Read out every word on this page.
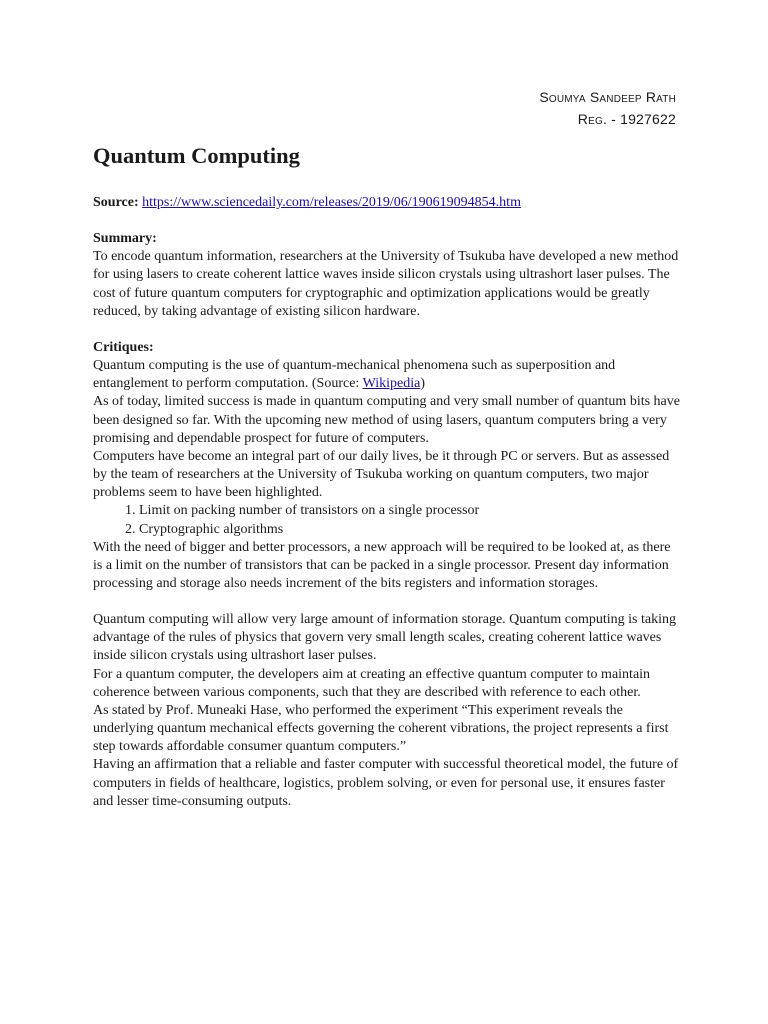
Soumya Sandeep Rath
Reg. - 1927622
Quantum Computing

Source: https://www.sciencedaily.com/releases/2019/06/190619094854.htm

Summary:

To encode quantum information, researchers at the University of Tsukuba have developed a new method for using lasers to create coherent lattice waves inside silicon crystals using ultrashort laser pulses. The cost of future quantum computers for cryptographic and optimization applications would be greatly reduced, by taking advantage of existing silicon hardware.

Critiques:

Quantum computing is the use of quantum-mechanical phenomena such as superposition and entanglement to perform computation. (Source: Wikipedia)

As of today, limited success is made in quantum computing and very small number of quantum bits have been designed so far. With the upcoming new method of using lasers, quantum computers bring a very promising and dependable prospect for future of computers.

Computers have become an integral part of our daily lives, be it through PC or servers. But as assessed by the team of researchers at the University of Tsukuba working on quantum computers, two major problems seem to have been highlighted.

1. Limit on packing number of transistors on a single processor
2. Cryptographic algorithms

With the need of bigger and better processors, a new approach will be required to be looked at, as there is a limit on the number of transistors that can be packed in a single processor. Present day information processing and storage also needs increment of the bits registers and information storages.

Quantum computing will allow very large amount of information storage. Quantum computing is taking advantage of the rules of physics that govern very small length scales, creating coherent lattice waves inside silicon crystals using ultrashort laser pulses.

For a quantum computer, the developers aim at creating an effective quantum computer to maintain coherence between various components, such that they are described with reference to each other.

As stated by Prof. Muneaki Hase, who performed the experiment “This experiment reveals the underlying quantum mechanical effects governing the coherent vibrations, the project represents a first step towards affordable consumer quantum computers.”

Having an affirmation that a reliable and faster computer with successful theoretical model, the future of computers in fields of healthcare, logistics, problem solving, or even for personal use, it ensures faster and lesser time-consuming outputs.
